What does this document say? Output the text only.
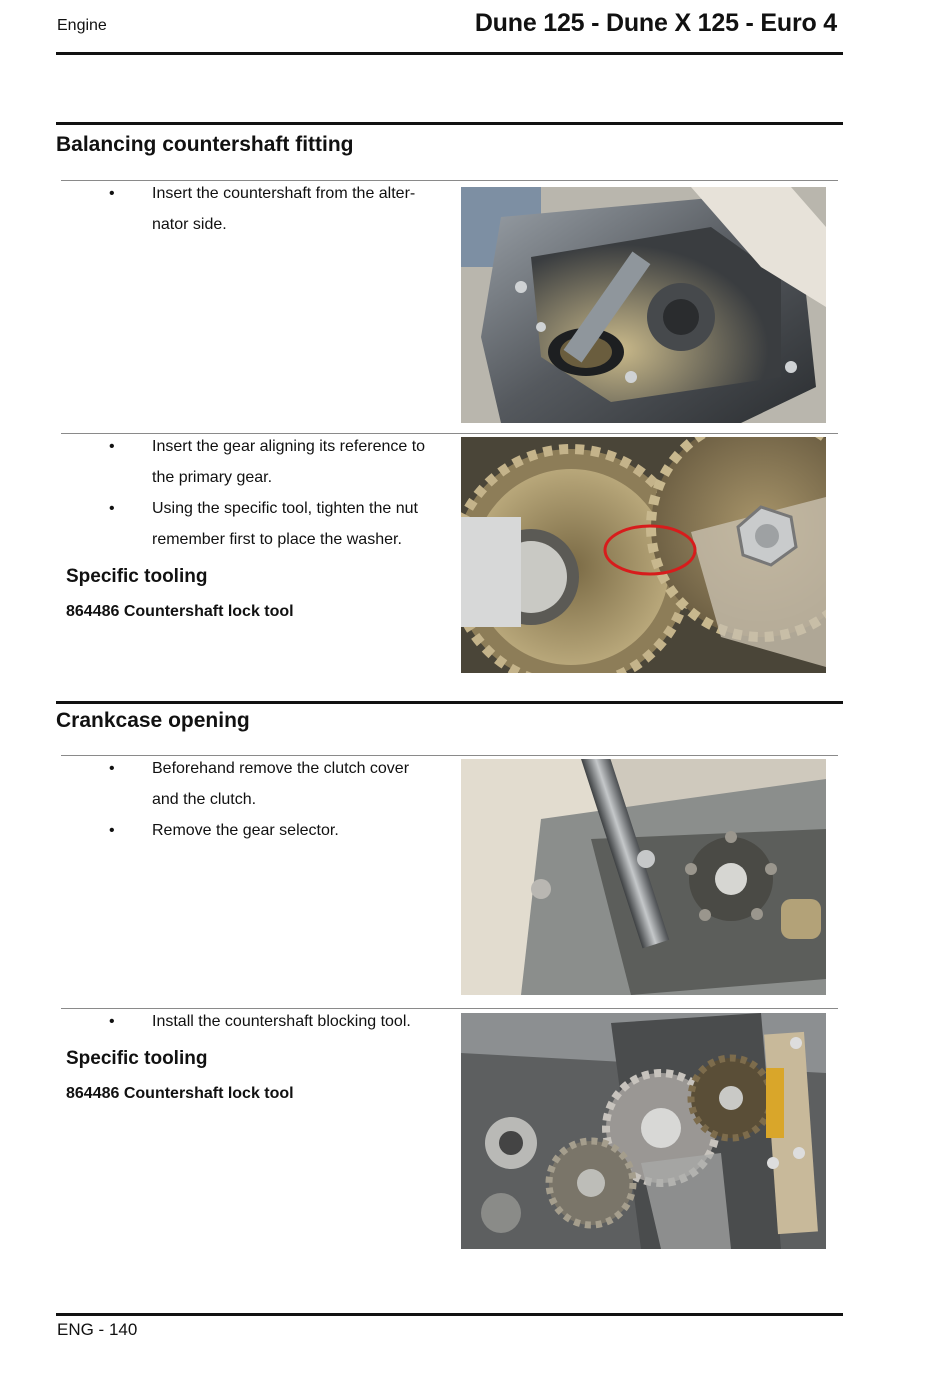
Engine	Dune 125 - Dune X 125 - Euro 4
Balancing countershaft fitting
• Insert the countershaft from the alter-
nator side.
• Insert the gear aligning its reference to
the primary gear.
• Using the specific tool, tighten the nut
remember first to place the washer.
Specific tooling
864486 Countershaft lock tool
Crankcase opening
• Beforehand remove the clutch cover
and the clutch.
• Remove the gear selector.
• Install the countershaft blocking tool.
Specific tooling
864486 Countershaft lock tool
ENG - 140
